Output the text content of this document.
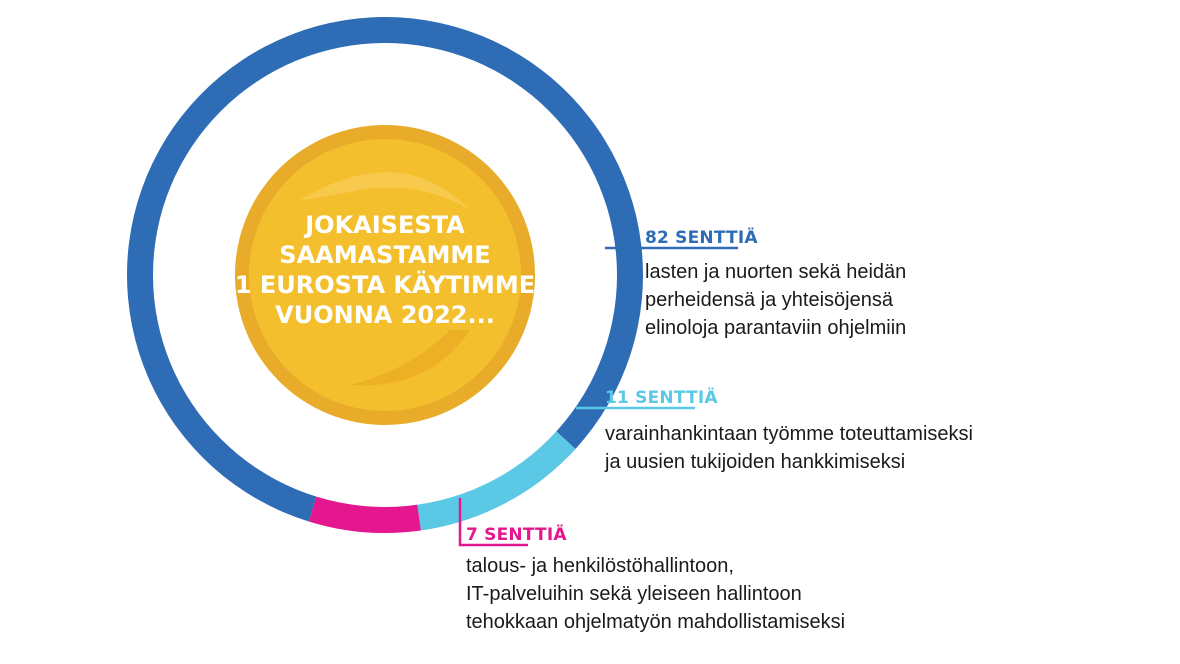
JOKAISESTA
SAAMASTAMME
1 EUROSTA KÄYTIMME
VUONNA 2022...

82 SENTTIÄ

lasten ja nuorten sekä heidän
perheidensä ja yhteisöjensä
elinoloja parantaviin ohjelmiin

11 SENTTIÄ

varainhankintaan työmme toteuttamiseksi
ja uusien tukijoiden hankkimiseksi

7 SENTTIÄ

talous- ja henkilöstöhallintoon,
IT-palveluihin sekä yleiseen hallintoon
tehokkaan ohjelmatyön mahdollistamiseksi
